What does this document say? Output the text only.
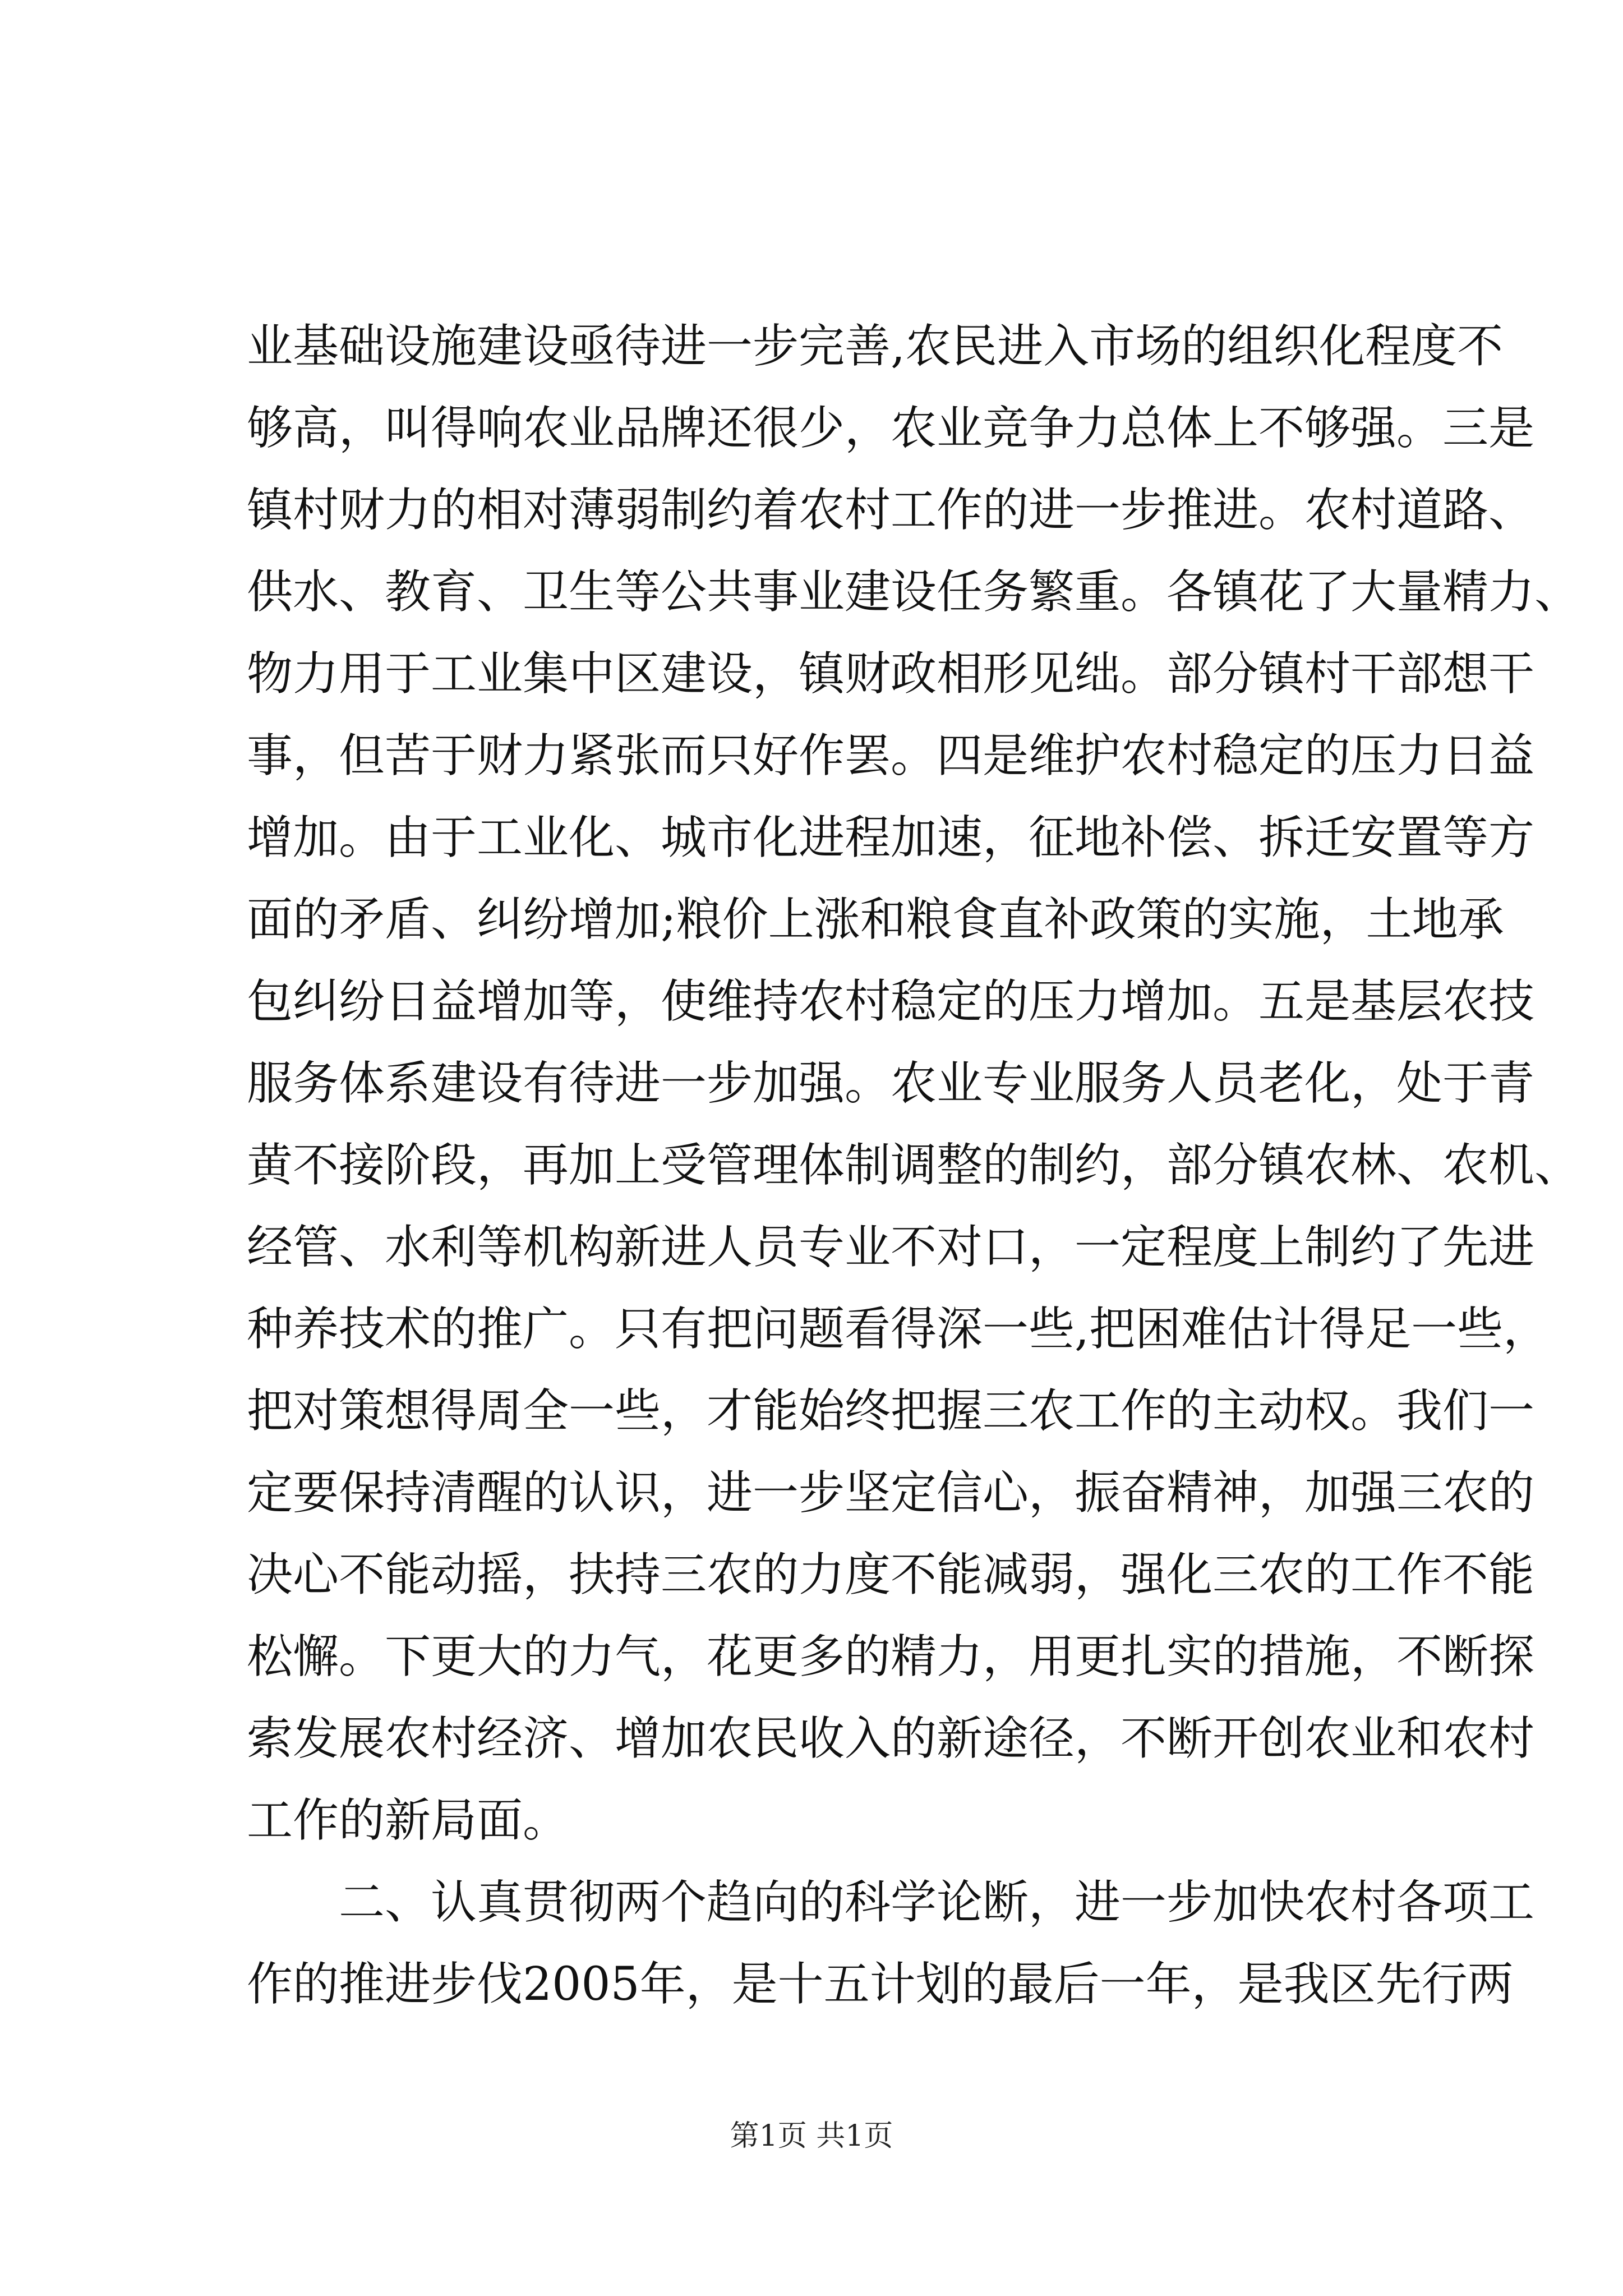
业基础设施建设亟待进一步完善,农民进入市场的组织化程度不
够高，叫得响农业品牌还很少，农业竞争力总体上不够强。三是
镇村财力的相对薄弱制约着农村工作的进一步推进。农村道路、
供水、教育、卫生等公共事业建设任务繁重。各镇花了大量精力、
物力用于工业集中区建设，镇财政相形见绌。部分镇村干部想干
事，但苦于财力紧张而只好作罢。四是维护农村稳定的压力日益
增加。由于工业化、城市化进程加速，征地补偿、拆迁安置等方
面的矛盾、纠纷增加;粮价上涨和粮食直补政策的实施，土地承
包纠纷日益增加等，使维持农村稳定的压力增加。五是基层农技
服务体系建设有待进一步加强。农业专业服务人员老化，处于青
黄不接阶段，再加上受管理体制调整的制约，部分镇农林、农机、
经管、水利等机构新进人员专业不对口，一定程度上制约了先进
种养技术的推广。只有把问题看得深一些,把困难估计得足一些，
把对策想得周全一些，才能始终把握三农工作的主动权。我们一
定要保持清醒的认识，进一步坚定信心，振奋精神，加强三农的
决心不能动摇，扶持三农的力度不能减弱，强化三农的工作不能
松懈。下更大的力气，花更多的精力，用更扎实的措施，不断探
索发展农村经济、增加农民收入的新途径，不断开创农业和农村
工作的新局面。
二、认真贯彻两个趋向的科学论断，进一步加快农村各项工
作的推进步伐2005年，是十五计划的最后一年，是我区先行两
第1页 共1页
